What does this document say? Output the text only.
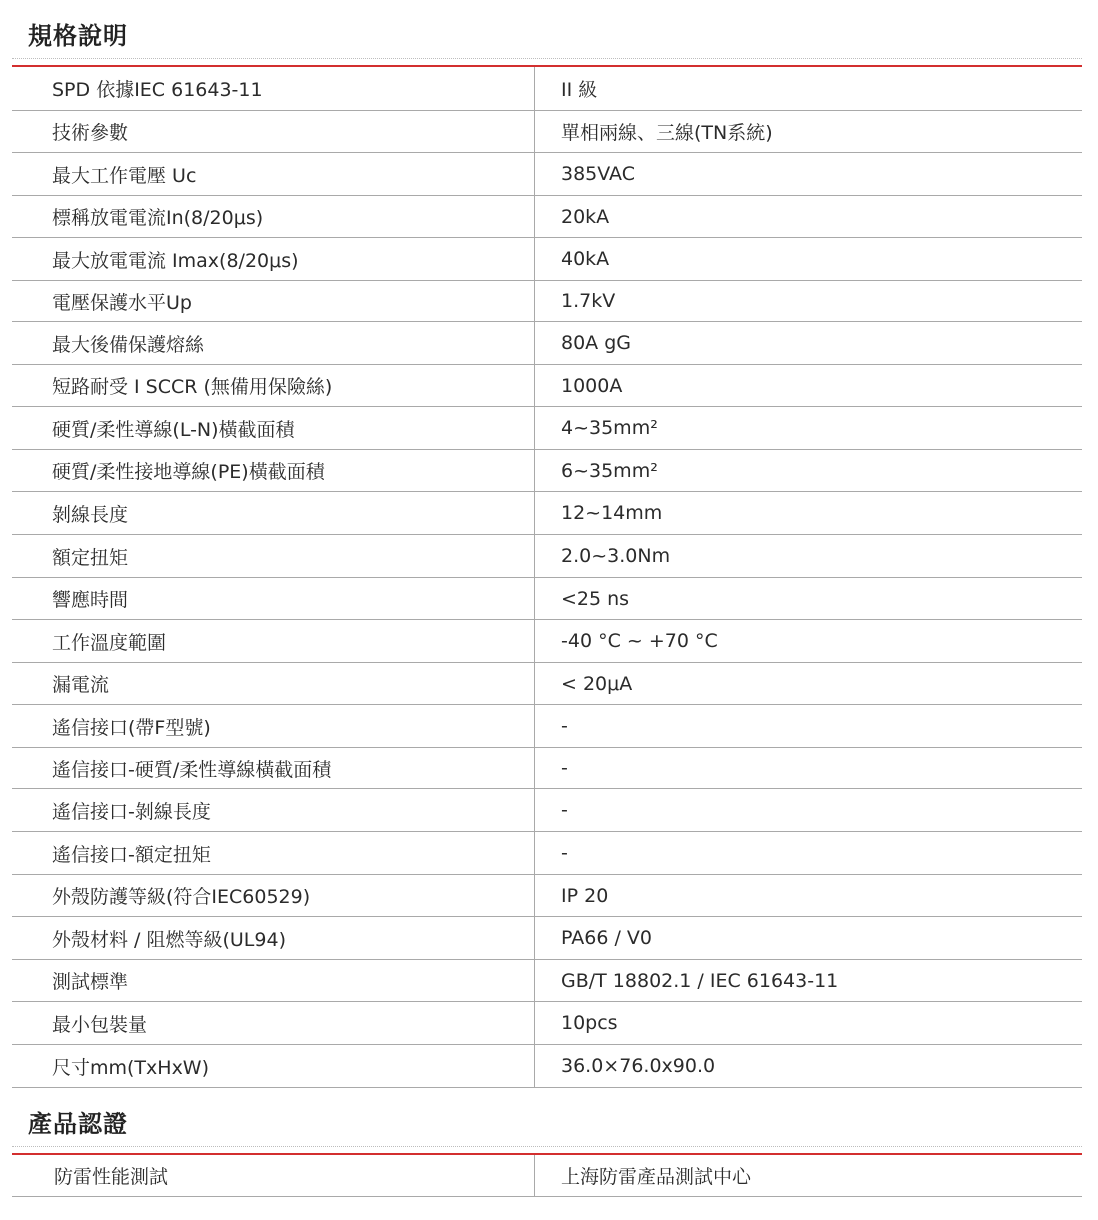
規格說明
SPD 依據IEC 61643-11	II 級
技術參數	單相兩線、三線(TN系統)
最大工作電壓 Uc	385VAC
標稱放電電流In(8/20μs)	20kA
最大放電電流 Imax(8/20μs)	40kA
電壓保護水平Up	1.7kV
最大後備保護熔絲	80A gG
短路耐受 I SCCR (無備用保險絲)	1000A
硬質/柔性導線(L-N)橫截面積	4~35mm²
硬質/柔性接地導線(PE)橫截面積	6~35mm²
剝線長度	12~14mm
額定扭矩	2.0~3.0Nm
響應時間	<25 ns
工作溫度範圍	-40 °C ~ +70 °C
漏電流	< 20μA
遙信接口(帶F型號)	-
遙信接口-硬質/柔性導線橫截面積	-
遙信接口-剝線長度	-
遙信接口-額定扭矩	-
外殼防護等級(符合IEC60529)	IP 20
外殼材料 / 阻燃等級(UL94)	PA66 / V0
測試標準	GB/T 18802.1 / IEC 61643-11
最小包裝量	10pcs
尺寸mm(TxHxW)	36.0×76.0x90.0
產品認證
防雷性能測試	上海防雷產品測試中心
